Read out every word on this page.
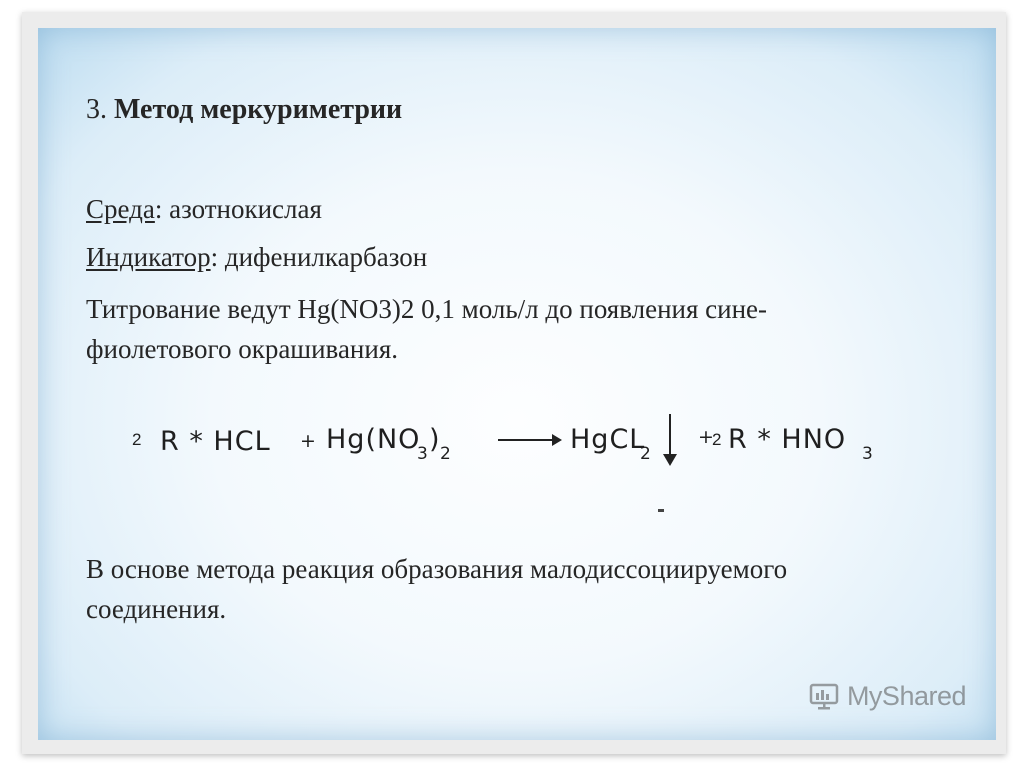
3. Метод меркуриметрии
Среда: азотнокислая
Индикатор: дифенилкарбазон
Титрование ведут Hg(NO3)2 0,1 моль/л до появления сине-
фиолетового окрашивания.
2 R * HCL + Hg(NO
3 ) 2 → HgCL
2
+
2 R * HNO 3
В основе метода реакция образования малодиссоциируемого
соединения.
MyShared
